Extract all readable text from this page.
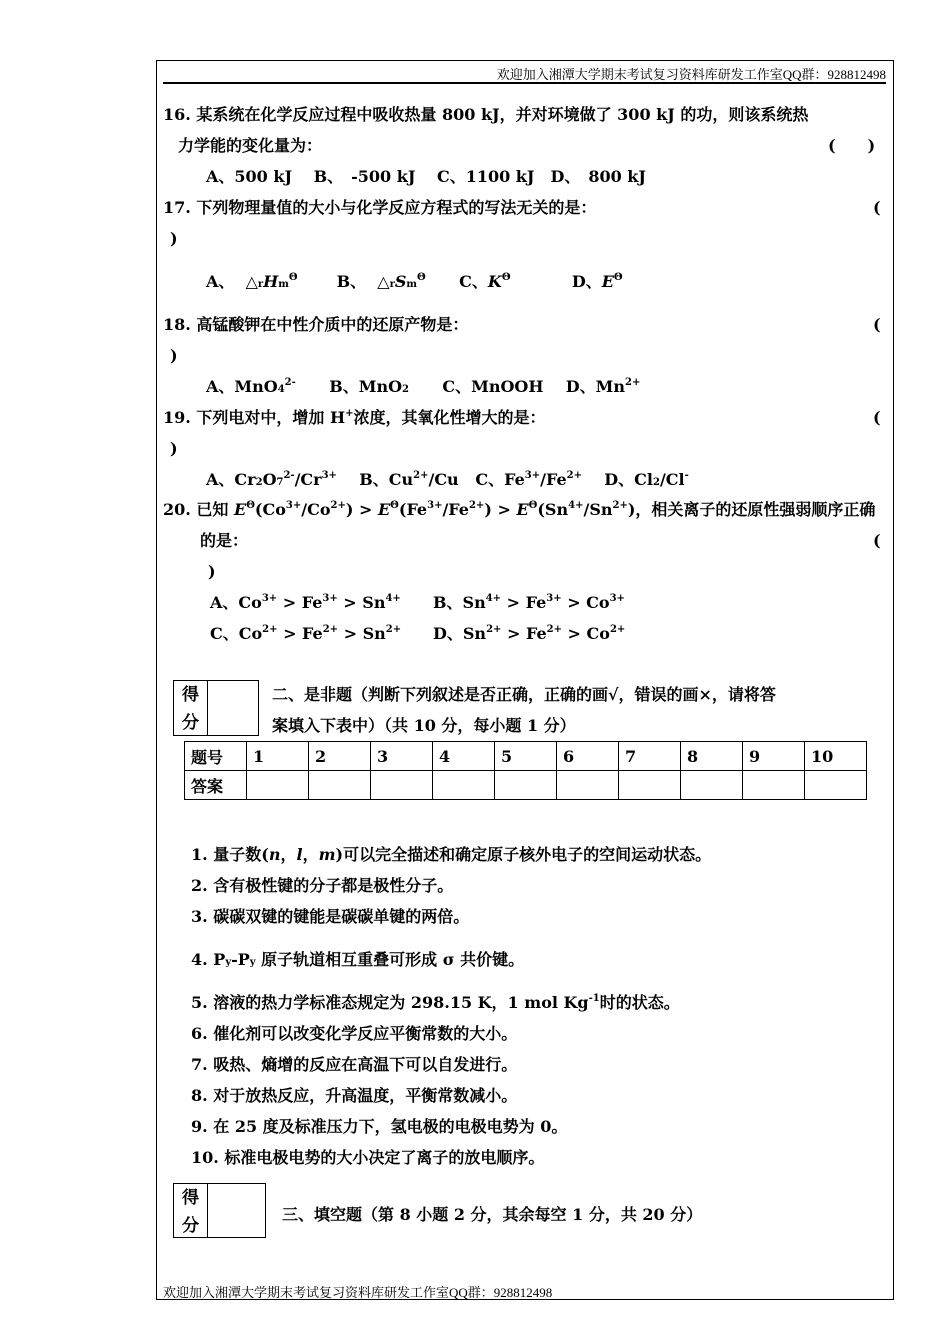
欢迎加入湘潭大学期末考试复习资料库研发工作室QQ群：928812498
16. 某系统在化学反应过程中吸收热量 800 kJ，并对环境做了 300 kJ 的功，则该系统热
力学能的变化量为：	(　　)
A、500 kJ　 B、　-500 kJ　 C、1100 kJ　D、　800 kJ
17. 下列物理量值的大小与化学反应方程式的写法无关的是：	(
)
A、  $\triangle_rH_m^\Theta$ B、  $\triangle_rS_m^\Theta$ C、$K^\Theta$	D、$E^\Theta$
18. 高锰酸钾在中性介质中的还原产物是：	(
)
A、MnO$_4^{2-}$      B、MnO$_2$      C、MnOOH    D、$Mn^{2+}$
19. 下列电对中，增加 H+浓度，其氧化性增大的是：	(
)
A、$Cr_2O_7^{2-}/Cr^{3+}$    B、$Cu^{2+}/Cu$   C、$Fe^{3+}/Fe^{2+}$    D、$Cl_2/Cl^-$
20. 已知 $E^\Theta(Co^{3+}/Co^{2+}) > E^\Theta(Fe^{3+}/Fe^{2+}) > E^\Theta(Sn^{4+}/Sn^{2+})$，相关离子的还原性强弱顺序正确
的是：	(
)
A、$Co^{3+} > Fe^{3+} > Sn^{4+}$ B、$Sn^{4+} > Fe^{3+} > Co^{3+}$
C、$Co^{2+} > Fe^{2+} > Sn^{2+}$ D、$Sn^{2+} > Fe^{2+} > Co^{2+}$
得分
二、是非题（判断下列叙述是否正确，正确的画√，错误的画×，请将答
案填入下表中）（共 10 分，每小题 1 分）
题号	1	2	3	4	5	6	7	8	9	10
答案										
1. 量子数(n，l，m)可以完全描述和确定原子核外电子的空间运动状态。
2. 含有极性键的分子都是极性分子。
3. 碳碳双键的键能是碳碳单键的两倍。
4. $P_y-P_y$ 原子轨道相互重叠可形成 σ 共价键。
5. 溶液的热力学标准态规定为 298.15 K，1 mol $Kg^{-1}$时的状态。
6. 催化剂可以改变化学反应平衡常数的大小。
7. 吸热、熵增的反应在高温下可以自发进行。
8. 对于放热反应，升高温度，平衡常数减小。
9. 在 25 度及标准压力下，氢电极的电极电势为 0。
10. 标准电极电势的大小决定了离子的放电顺序。
得分
三、填空题（第 8 小题 2 分，其余每空 1 分，共 20 分）
欢迎加入湘潭大学期末考试复习资料库研发工作室QQ群：928812498
